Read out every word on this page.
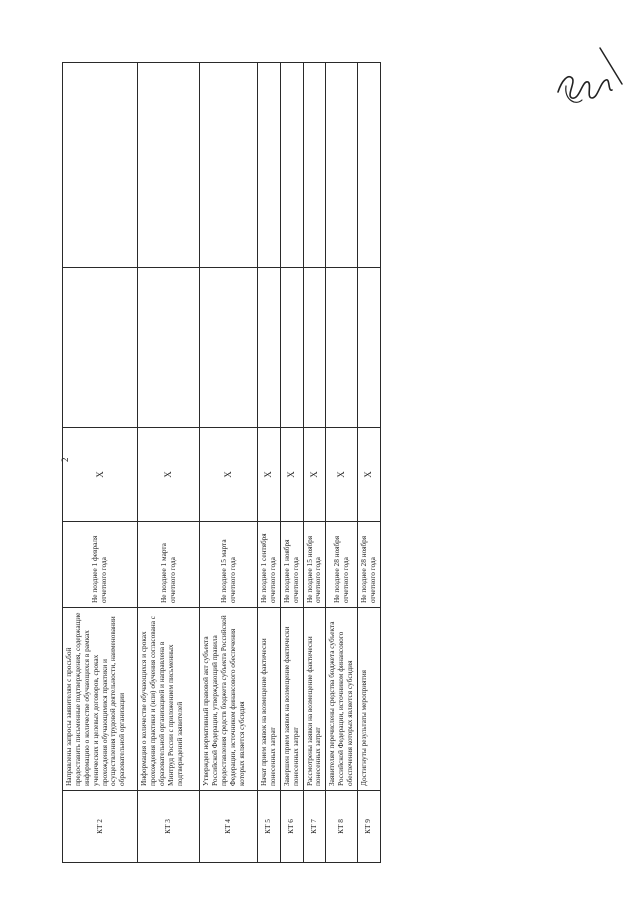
2
КТ 2	Направлены запросы заявителям с просьбой предоставить письменные подтверждения, содержащие информацию о количестве обучающихся в рамках ученических и целевых договоров, сроках прохождения обучающимися практики и осуществления трудовой деятельности, наименовании образовательной организации	Не позднее 1 февраля отчетного года	X		
КТ 3	Информация о количестве обучающихся и сроках прохождения практики и (или) обучения согласована с образовательной организацией и направлена в Минтруд России с приложением письменных подтверждений заявителей	Не позднее 1 марта отчетного года	X		
КТ 4	Утвержден нормативный правовой акт субъекта Российской Федерации, утверждающий правила предоставления средств бюджета субъекта Российской Федерации, источником финансового обеспечения которых является субсидия	Не позднее 15 марта отчетного года	X		
КТ 5	Начат прием заявок на возмещение фактически понесенных затрат	Не позднее 1 сентября отчетного года	X		
КТ 6	Завершен прием заявок на возмещение фактически понесенных затрат	Не позднее 1 ноября отчетного года	X		
КТ 7	Рассмотрены заявки на возмещение фактически понесенных затрат	Не позднее 15 ноября отчетного года	X		
КТ 8	Заявителям перечислены средства бюджета субъекта Российской Федерации, источником финансового обеспечения которых является субсидия	Не позднее 28 ноября отчетного года	X		
КТ 9	Достигнуты результаты мероприятия	Не позднее 28 ноября отчетного года	X		
